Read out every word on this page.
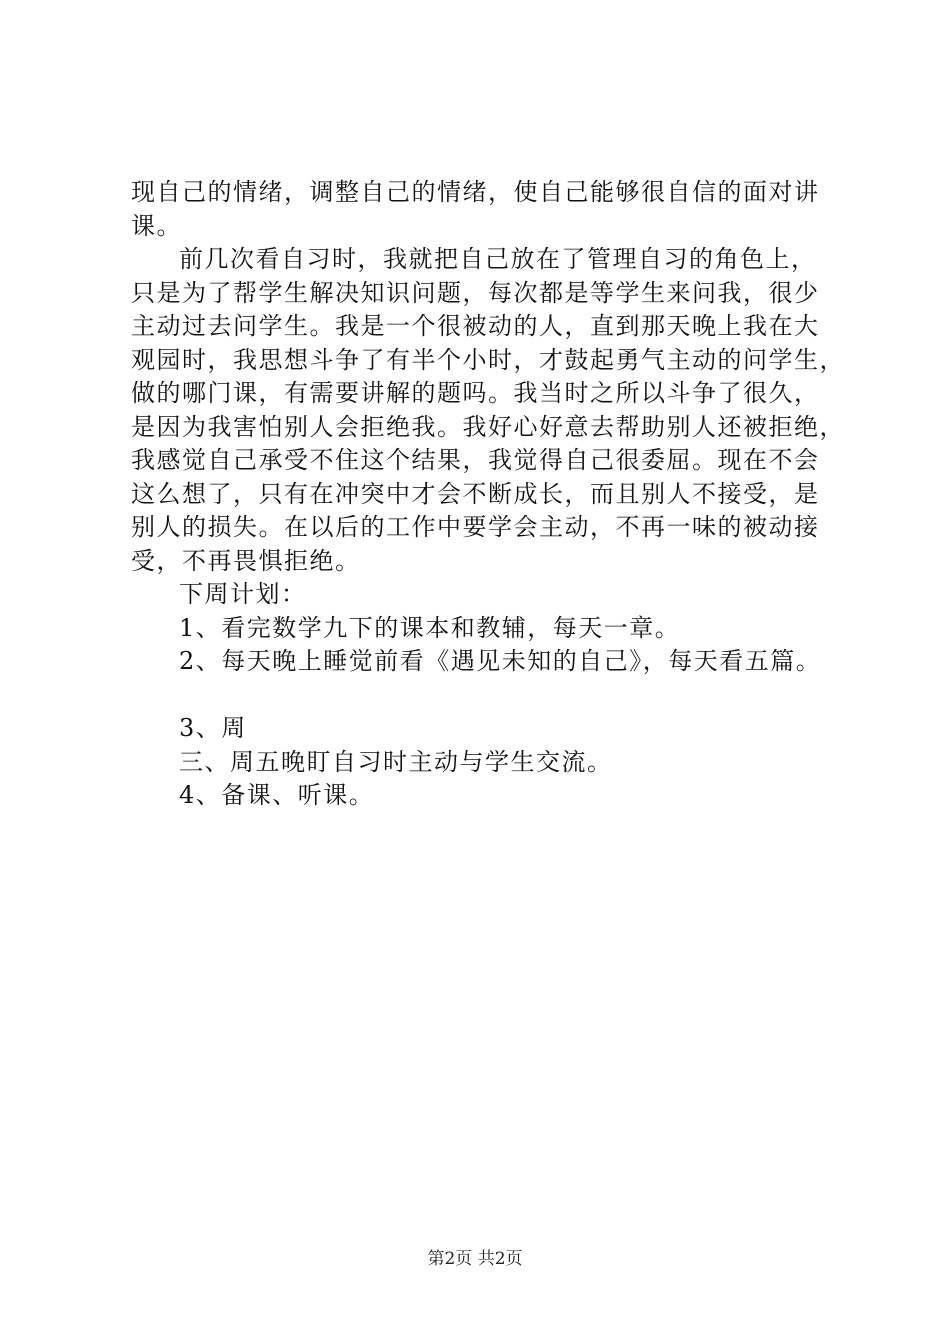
现自己的情绪，调整自己的情绪，使自己能够很自信的面对讲
课。
前几次看自习时，我就把自己放在了管理自习的角色上，
只是为了帮学生解决知识问题，每次都是等学生来问我，很少
主动过去问学生。我是一个很被动的人，直到那天晚上我在大
观园时，我思想斗争了有半个小时，才鼓起勇气主动的问学生，
做的哪门课，有需要讲解的题吗。我当时之所以斗争了很久，
是因为我害怕别人会拒绝我。我好心好意去帮助别人还被拒绝，
我感觉自己承受不住这个结果，我觉得自己很委屈。现在不会
这么想了，只有在冲突中才会不断成长，而且别人不接受，是
别人的损失。在以后的工作中要学会主动，不再一味的被动接
受，不再畏惧拒绝。
下周计划：
1、看完数学九下的课本和教辅，每天一章。
2、每天晚上睡觉前看《遇见未知的自己》，每天看五篇。
3、周
三、周五晚盯自习时主动与学生交流。
4、备课、听课。
第2页 共2页
